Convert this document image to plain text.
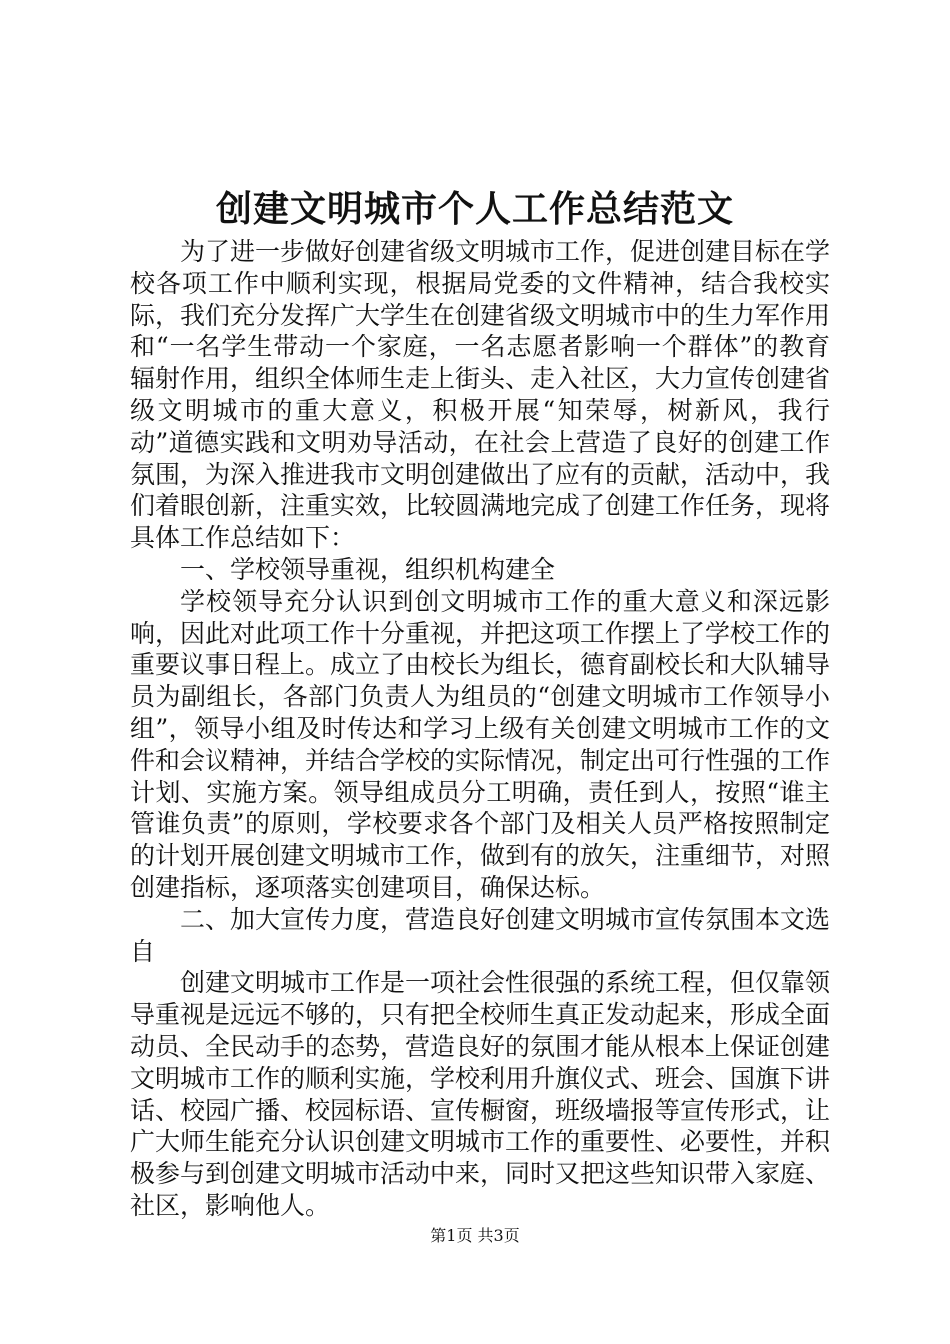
创建文明城市个人工作总结范文

为了进一步做好创建省级文明城市工作，促进创建目标在学校各项工作中顺利实现，根据局党委的文件精神，结合我校实际，我们充分发挥广大学生在创建省级文明城市中的生力军作用和“一名学生带动一个家庭，一名志愿者影响一个群体”的教育辐射作用，组织全体师生走上街头、走入社区，大力宣传创建省级文明城市的重大意义，积极开展“知荣辱，树新风，我行动”道德实践和文明劝导活动，在社会上营造了良好的创建工作氛围，为深入推进我市文明创建做出了应有的贡献，活动中，我们着眼创新，注重实效，比较圆满地完成了创建工作任务，现将具体工作总结如下：

一、学校领导重视，组织机构建全

学校领导充分认识到创文明城市工作的重大意义和深远影响，因此对此项工作十分重视，并把这项工作摆上了学校工作的重要议事日程上。成立了由校长为组长，德育副校长和大队辅导员为副组长，各部门负责人为组员的“创建文明城市工作领导小组”，领导小组及时传达和学习上级有关创建文明城市工作的文件和会议精神，并结合学校的实际情况，制定出可行性强的工作计划、实施方案。领导组成员分工明确，责任到人，按照“谁主管谁负责”的原则，学校要求各个部门及相关人员严格按照制定的计划开展创建文明城市工作，做到有的放矢，注重细节，对照创建指标，逐项落实创建项目，确保达标。

二、加大宣传力度，营造良好创建文明城市宣传氛围本文选自

创建文明城市工作是一项社会性很强的系统工程，但仅靠领导重视是远远不够的，只有把全校师生真正发动起来，形成全面动员、全民动手的态势，营造良好的氛围才能从根本上保证创建文明城市工作的顺利实施，学校利用升旗仪式、班会、国旗下讲话、校园广播、校园标语、宣传橱窗，班级墙报等宣传形式，让广大师生能充分认识创建文明城市工作的重要性、必要性，并积极参与到创建文明城市活动中来，同时又把这些知识带入家庭、社区，影响他人。

第1页 共3页
